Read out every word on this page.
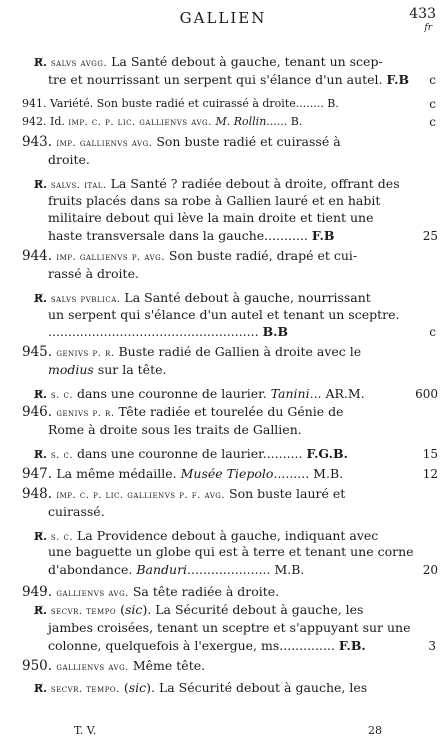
GALLIEN	433
fr
R̸. salvs avgg. La Santé debout à gauche, tenant un scep-
tre et nourrissant un serpent qui s'élance d'un autel. F.B c
941. Variété. Son buste radié et cuirassé à droite........ B.	c
942. Id. imp. c. p. lic. gallienvs avg. M. Rollin...... B.	c
943. imp. gallienvs avg. Son buste radié et cuirassé à
droite.
R̸. salvs. ital. La Santé ? radiée debout à droite, offrant des
fruits placés dans sa robe à Gallien lauré et en habit
militaire debout qui lève la main droite et tient une
haste transversale dans la gauche........... F.B	25
944. imp. gallienvs p. avg. Son buste radié, drapé et cui-
rassé à droite.
R̸. salvs pvblica. La Santé debout à gauche, nourrissant
un serpent qui s'élance d'un autel et tenant un sceptre.
..................................................... B.B	c
945. genivs p. r. Buste radié de Gallien à droite avec le
modius sur la tête.
R̸. s. c. dans une couronne de laurier. Tanini... AR.M.	600
946. genivs p. r. Tête radiée et tourelée du Génie de
Rome à droite sous les traits de Gallien.
R̸. s. c. dans une couronne de laurier.......... F.G.B.	15
947. La même médaille. Musée Tiepolo......... M.B.	12
948. imp. c. p. lic. gallienvs p. f. avg. Son buste lauré et
cuirassé.
R̸. s. c. La Providence debout à gauche, indiquant avec
une baguette un globe qui est à terre et tenant une corne
d'abondance. Banduri..................... M.B.	20
949. gallienvs avg. Sa tête radiée à droite.
R̸. secvr. tempo (sic). La Sécurité debout à gauche, les
jambes croisées, tenant un sceptre et s'appuyant sur une
colonne, quelquefois à l'exergue, ms.............. F.B.	3
950. gallienvs avg. Même tête.
R̸. secvr. tempo. (sic). La Sécurité debout à gauche, les
T. V.	28
